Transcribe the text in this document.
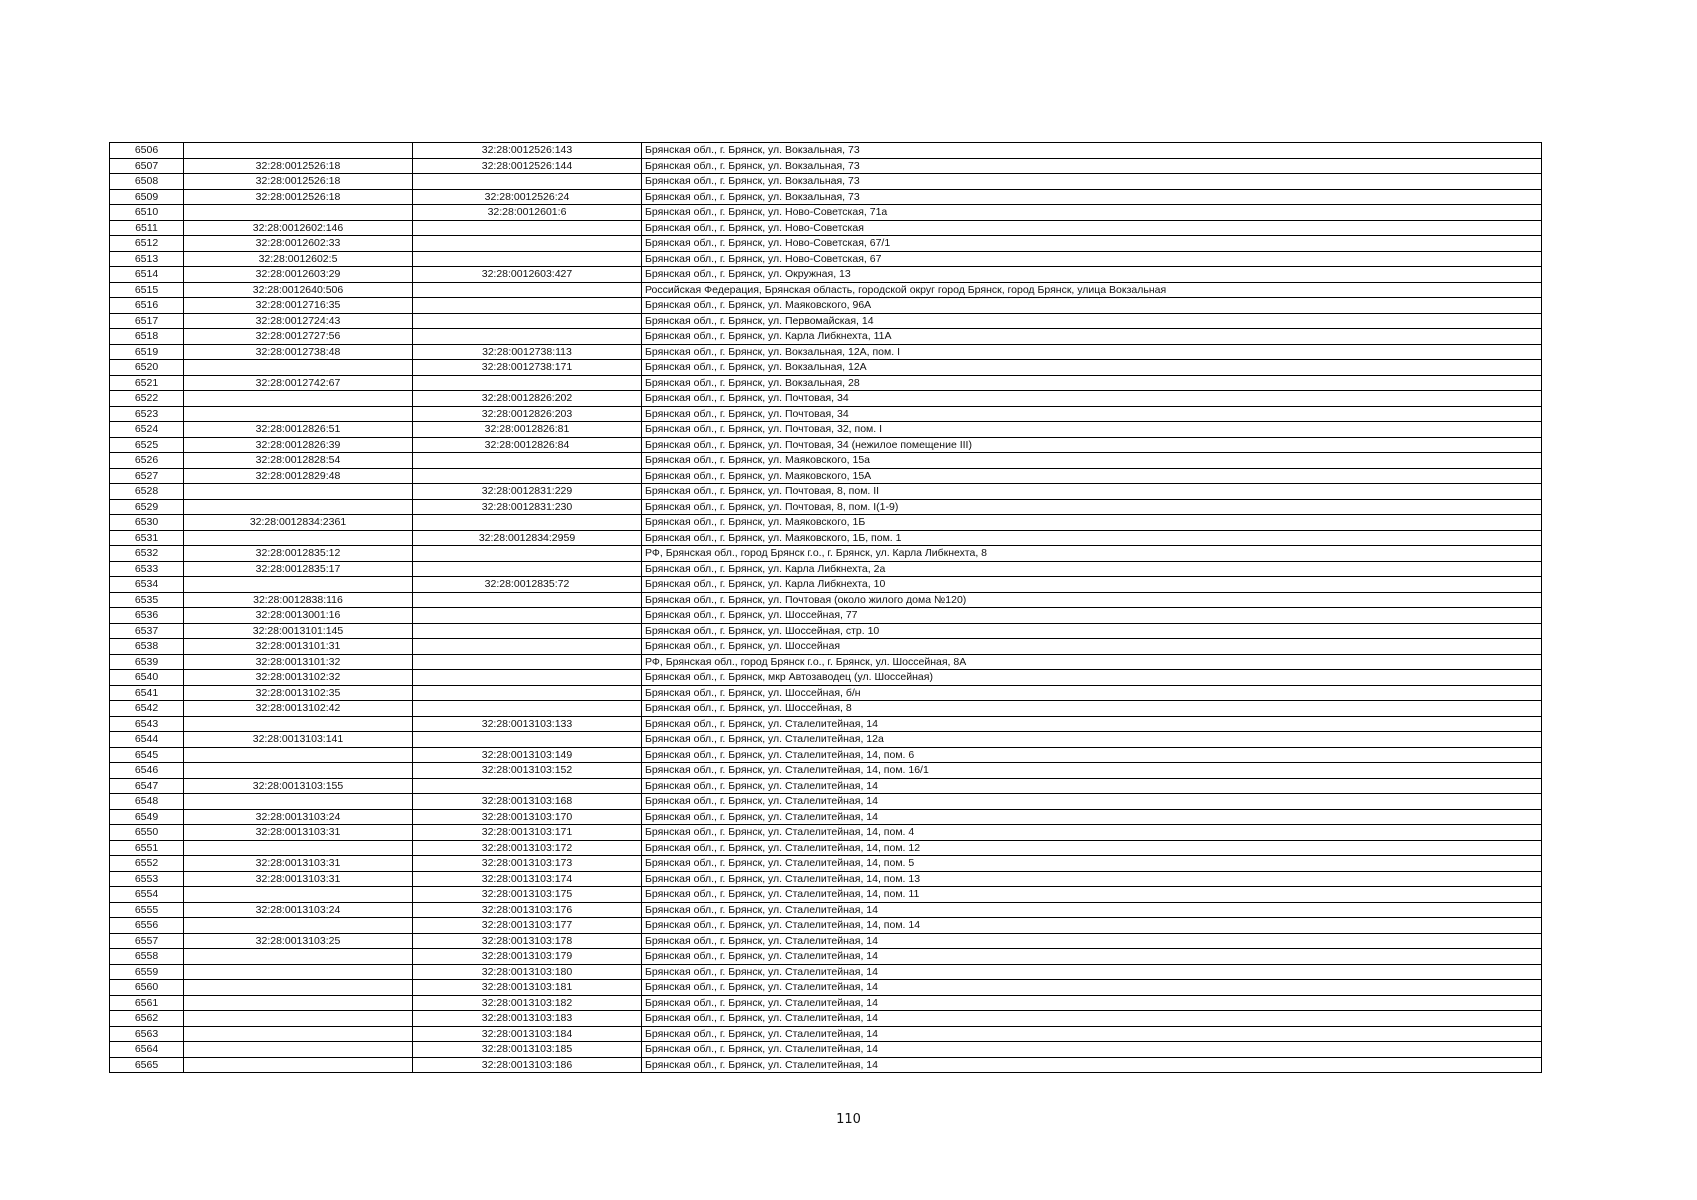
6506		32:28:0012526:143	Брянская обл., г. Брянск, ул. Вокзальная, 73
6507	32:28:0012526:18	32:28:0012526:144	Брянская обл., г. Брянск, ул. Вокзальная, 73
6508	32:28:0012526:18		Брянская обл., г. Брянск, ул. Вокзальная, 73
6509	32:28:0012526:18	32:28:0012526:24	Брянская обл., г. Брянск, ул. Вокзальная, 73
6510		32:28:0012601:6	Брянская обл., г. Брянск, ул. Ново-Советская, 71а
6511	32:28:0012602:146		Брянская обл., г. Брянск, ул. Ново-Советская
6512	32:28:0012602:33		Брянская обл., г. Брянск, ул. Ново-Советская, 67/1
6513	32:28:0012602:5		Брянская обл., г. Брянск, ул. Ново-Советская, 67
6514	32:28:0012603:29	32:28:0012603:427	Брянская обл., г. Брянск, ул. Окружная, 13
6515	32:28:0012640:506		Российская Федерация, Брянская область, городской округ город Брянск, город Брянск, улица Вокзальная
6516	32:28:0012716:35		Брянская обл., г. Брянск, ул. Маяковского, 96А
6517	32:28:0012724:43		Брянская обл., г. Брянск, ул. Первомайская, 14
6518	32:28:0012727:56		Брянская обл., г. Брянск, ул. Карла Либкнехта, 11А
6519	32:28:0012738:48	32:28:0012738:113	Брянская обл., г. Брянск, ул. Вокзальная, 12А, пом. I
6520		32:28:0012738:171	Брянская обл., г. Брянск, ул. Вокзальная, 12А
6521	32:28:0012742:67		Брянская обл., г. Брянск, ул. Вокзальная, 28
6522		32:28:0012826:202	Брянская обл., г. Брянск, ул. Почтовая, 34
6523		32:28:0012826:203	Брянская обл., г. Брянск, ул. Почтовая, 34
6524	32:28:0012826:51	32:28:0012826:81	Брянская обл., г. Брянск, ул. Почтовая, 32, пом. I
6525	32:28:0012826:39	32:28:0012826:84	Брянская обл., г. Брянск, ул. Почтовая, 34 (нежилое помещение III)
6526	32:28:0012828:54		Брянская обл., г. Брянск, ул. Маяковского, 15а
6527	32:28:0012829:48		Брянская обл., г. Брянск, ул. Маяковского, 15А
6528		32:28:0012831:229	Брянская обл., г. Брянск, ул. Почтовая, 8, пом. II
6529		32:28:0012831:230	Брянская обл., г. Брянск, ул. Почтовая, 8, пом. I(1-9)
6530	32:28:0012834:2361		Брянская обл., г. Брянск, ул. Маяковского, 1Б
6531		32:28:0012834:2959	Брянская обл., г. Брянск, ул. Маяковского, 1Б, пом. 1
6532	32:28:0012835:12		РФ, Брянская обл., город Брянск г.о., г. Брянск, ул. Карла Либкнехта, 8
6533	32:28:0012835:17		Брянская обл., г. Брянск, ул. Карла Либкнехта, 2а
6534		32:28:0012835:72	Брянская обл., г. Брянск, ул. Карла Либкнехта, 10
6535	32:28:0012838:116		Брянская обл., г. Брянск, ул. Почтовая (около жилого дома №120)
6536	32:28:0013001:16		Брянская обл., г. Брянск, ул. Шоссейная, 77
6537	32:28:0013101:145		Брянская обл., г. Брянск, ул. Шоссейная, стр. 10
6538	32:28:0013101:31		Брянская обл., г. Брянск, ул. Шоссейная
6539	32:28:0013101:32		РФ, Брянская обл., город Брянск г.о., г. Брянск, ул. Шоссейная, 8А
6540	32:28:0013102:32		Брянская обл., г. Брянск, мкр Автозаводец (ул. Шоссейная)
6541	32:28:0013102:35		Брянская обл., г. Брянск, ул. Шоссейная, б/н
6542	32:28:0013102:42		Брянская обл., г. Брянск, ул. Шоссейная, 8
6543		32:28:0013103:133	Брянская обл., г. Брянск, ул. Сталелитейная, 14
6544	32:28:0013103:141		Брянская обл., г. Брянск, ул. Сталелитейная, 12а
6545		32:28:0013103:149	Брянская обл., г. Брянск, ул. Сталелитейная, 14, пом. 6
6546		32:28:0013103:152	Брянская обл., г. Брянск, ул. Сталелитейная, 14, пом. 16/1
6547	32:28:0013103:155		Брянская обл., г. Брянск, ул. Сталелитейная, 14
6548		32:28:0013103:168	Брянская обл., г. Брянск, ул. Сталелитейная, 14
6549	32:28:0013103:24	32:28:0013103:170	Брянская обл., г. Брянск, ул. Сталелитейная, 14
6550	32:28:0013103:31	32:28:0013103:171	Брянская обл., г. Брянск, ул. Сталелитейная, 14, пом. 4
6551		32:28:0013103:172	Брянская обл., г. Брянск, ул. Сталелитейная, 14, пом. 12
6552	32:28:0013103:31	32:28:0013103:173	Брянская обл., г. Брянск, ул. Сталелитейная, 14, пом. 5
6553	32:28:0013103:31	32:28:0013103:174	Брянская обл., г. Брянск, ул. Сталелитейная, 14, пом. 13
6554		32:28:0013103:175	Брянская обл., г. Брянск, ул. Сталелитейная, 14, пом. 11
6555	32:28:0013103:24	32:28:0013103:176	Брянская обл., г. Брянск, ул. Сталелитейная, 14
6556		32:28:0013103:177	Брянская обл., г. Брянск, ул. Сталелитейная, 14, пом. 14
6557	32:28:0013103:25	32:28:0013103:178	Брянская обл., г. Брянск, ул. Сталелитейная, 14
6558		32:28:0013103:179	Брянская обл., г. Брянск, ул. Сталелитейная, 14
6559		32:28:0013103:180	Брянская обл., г. Брянск, ул. Сталелитейная, 14
6560		32:28:0013103:181	Брянская обл., г. Брянск, ул. Сталелитейная, 14
6561		32:28:0013103:182	Брянская обл., г. Брянск, ул. Сталелитейная, 14
6562		32:28:0013103:183	Брянская обл., г. Брянск, ул. Сталелитейная, 14
6563		32:28:0013103:184	Брянская обл., г. Брянск, ул. Сталелитейная, 14
6564		32:28:0013103:185	Брянская обл., г. Брянск, ул. Сталелитейная, 14
6565		32:28:0013103:186	Брянская обл., г. Брянск, ул. Сталелитейная, 14
110
